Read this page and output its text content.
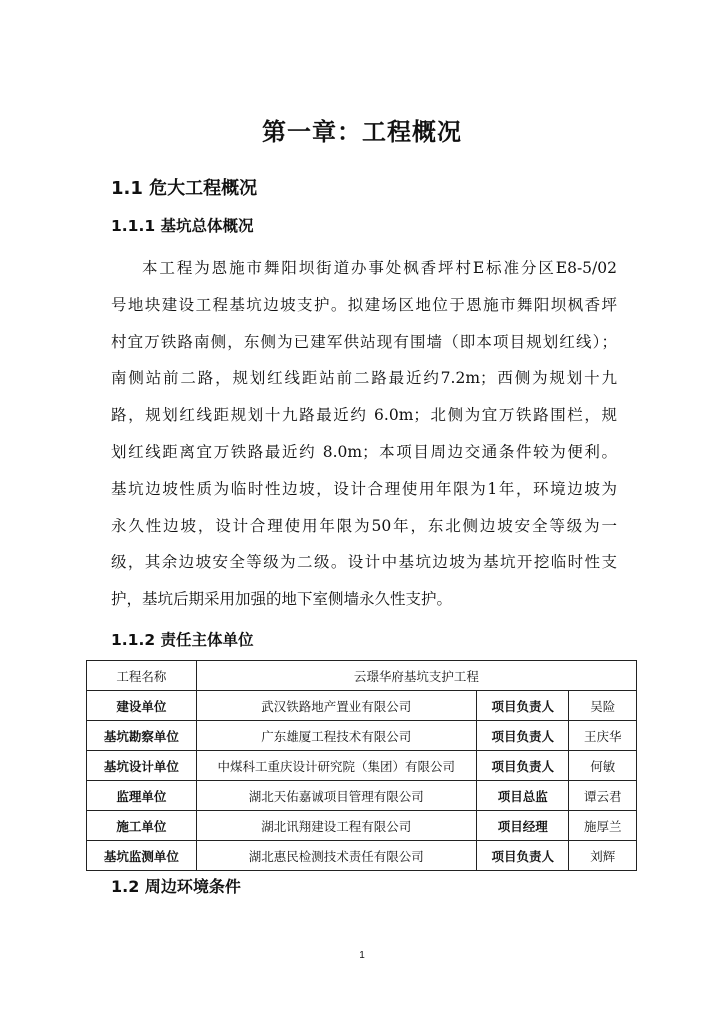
第一章：工程概况
1.1 危大工程概况
1.1.1 基坑总体概况
本工程为恩施市舞阳坝街道办事处枫香坪村E标准分区E8-5/02
号地块建设工程基坑边坡支护。拟建场区地位于恩施市舞阳坝枫香坪
村宜万铁路南侧，东侧为已建军供站现有围墙（即本项目规划红线）；
南侧站前二路，规划红线距站前二路最近约7.2m；西侧为规划十九
路，规划红线距规划十九路最近约 6.0m；北侧为宜万铁路围栏，规
划红线距离宜万铁路最近约 8.0m；本项目周边交通条件较为便利。
基坑边坡性质为临时性边坡，设计合理使用年限为1年，环境边坡为
永久性边坡，设计合理使用年限为50年，东北侧边坡安全等级为一
级，其余边坡安全等级为二级。设计中基坑边坡为基坑开挖临时性支
护，基坑后期采用加强的地下室侧墙永久性支护。
1.1.2 责任主体单位
工程名称	云璟华府基坑支护工程		
建设单位	武汉铁路地产置业有限公司	项目负责人	吴险
基坑勘察单位	广东雄厦工程技术有限公司	项目负责人	王庆华
基坑设计单位	中煤科工重庆设计研究院（集团）有限公司	项目负责人	何敏
监理单位	湖北天佑嘉诚项目管理有限公司	项目总监	谭云君
施工单位	湖北讯翔建设工程有限公司	项目经理	施厚兰
基坑监测单位	湖北惠民检测技术责任有限公司	项目负责人	刘辉
1.2 周边环境条件
1
